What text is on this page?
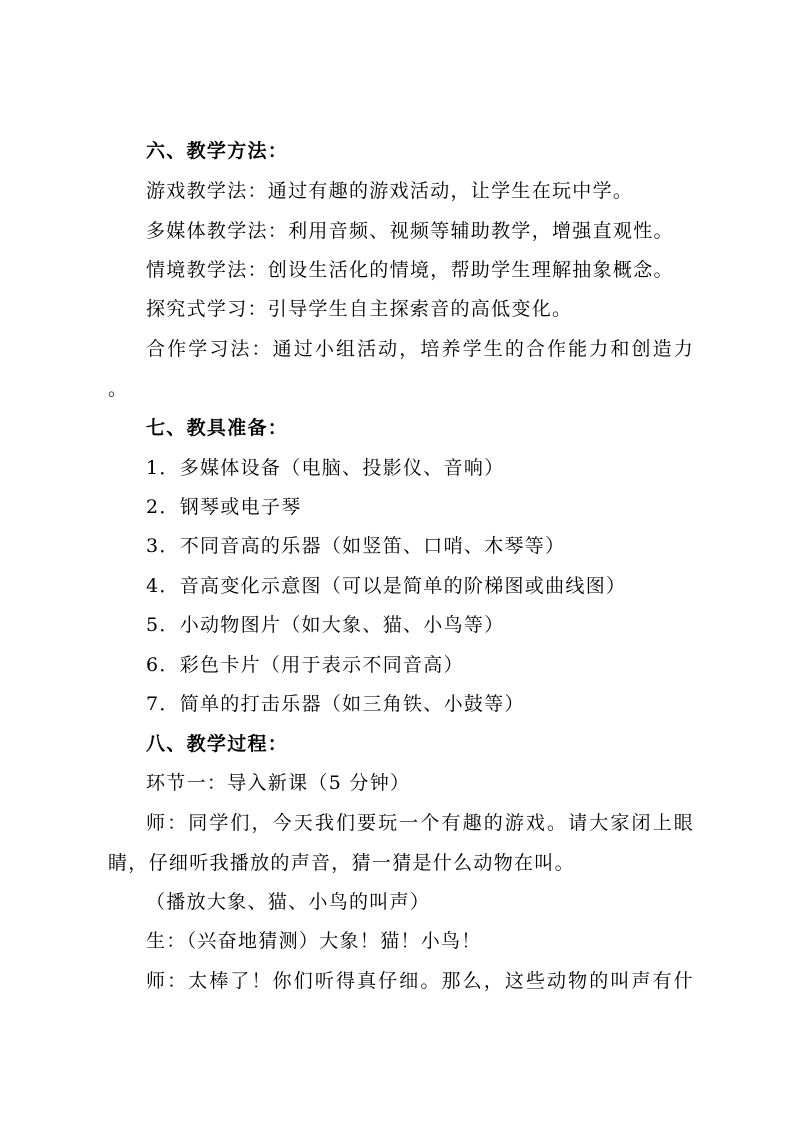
六、教学方法：
游戏教学法：通过有趣的游戏活动，让学生在玩中学。
多媒体教学法：利用音频、视频等辅助教学，增强直观性。
情境教学法：创设生活化的情境，帮助学生理解抽象概念。
探究式学习：引导学生自主探索音的高低变化。
合作学习法：通过小组活动，培养学生的合作能力和创造力
。
七、教具准备：
1．多媒体设备（电脑、投影仪、音响）
2．钢琴或电子琴
3．不同音高的乐器（如竖笛、口哨、木琴等）
4．音高变化示意图（可以是简单的阶梯图或曲线图）
5．小动物图片（如大象、猫、小鸟等）
6．彩色卡片（用于表示不同音高）
7．简单的打击乐器（如三角铁、小鼓等）
八、教学过程：
环节一：导入新课（5 分钟）
师：同学们，今天我们要玩一个有趣的游戏。请大家闭上眼
睛，仔细听我播放的声音，猜一猜是什么动物在叫。
（播放大象、猫、小鸟的叫声）
生：（兴奋地猜测）大象！猫！小鸟！
师：太棒了！你们听得真仔细。那么，这些动物的叫声有什
